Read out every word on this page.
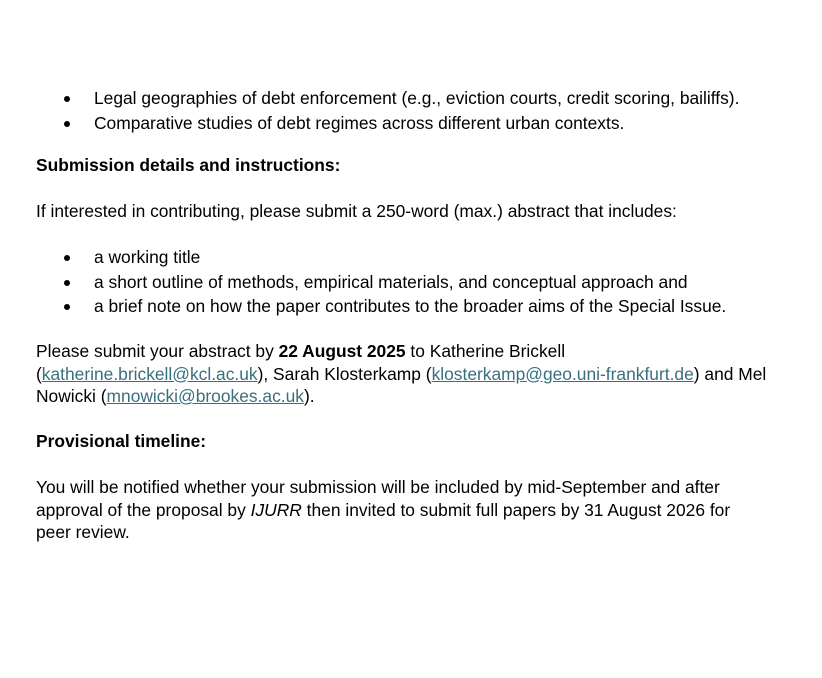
Legal geographies of debt enforcement (e.g., eviction courts, credit scoring, bailiffs).
Comparative studies of debt regimes across different urban contexts.
Submission details and instructions:

If interested in contributing, please submit a 250-word (max.) abstract that includes:

a working title
a short outline of methods, empirical materials, and conceptual approach and
a brief note on how the paper contributes to the broader aims of the Special Issue.

Please submit your abstract by 22 August 2025 to Katherine Brickell (katherine.brickell@kcl.ac.uk), Sarah Klosterkamp (klosterkamp@geo.uni-frankfurt.de) and Mel Nowicki (mnowicki@brookes.ac.uk).

Provisional timeline:

You will be notified whether your submission will be included by mid-September and after approval of the proposal by IJURR then invited to submit full papers by 31 August 2026 for peer review.
